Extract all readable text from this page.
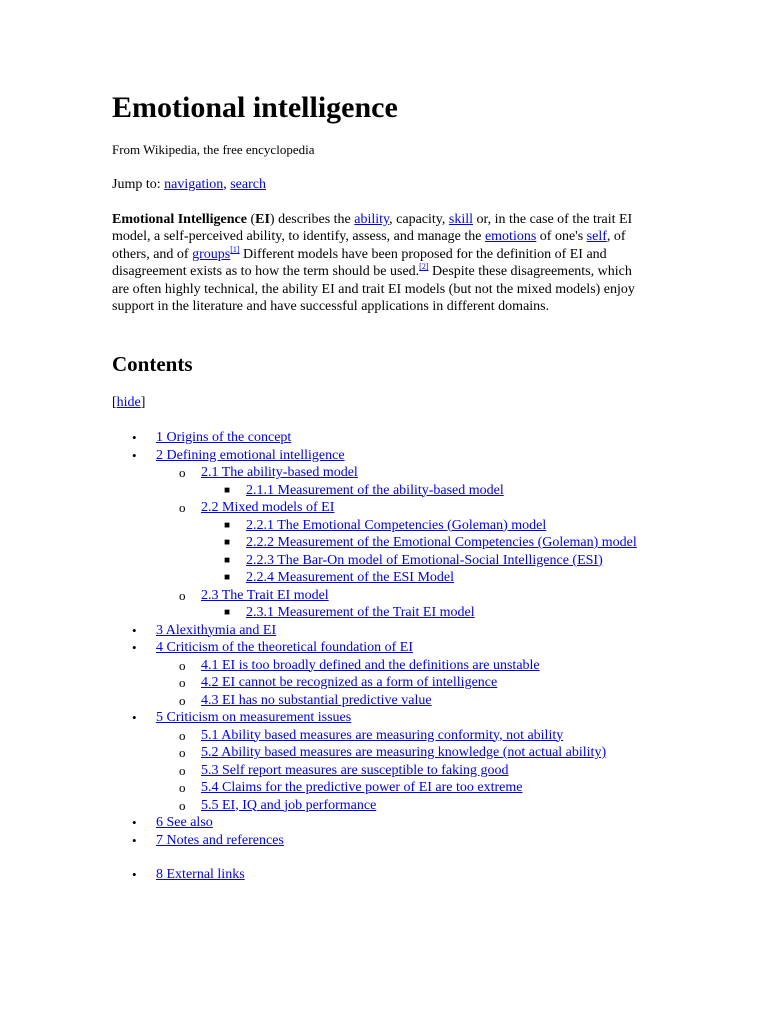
Emotional intelligence

From Wikipedia, the free encyclopedia

Jump to: navigation, search

Emotional Intelligence (EI) describes the ability, capacity, skill or, in the case of the trait EI model, a self-perceived ability, to identify, assess, and manage the emotions of one's self, of others, and of groups[1] Different models have been proposed for the definition of EI and disagreement exists as to how the term should be used.[2] Despite these disagreements, which are often highly technical, the ability EI and trait EI models (but not the mixed models) enjoy support in the literature and have successful applications in different domains.

Contents

[hide]

• 1 Origins of the concept
• 2 Defining emotional intelligence
o 2.1 The ability-based model
■ 2.1.1 Measurement of the ability-based model
o 2.2 Mixed models of EI
■ 2.2.1 The Emotional Competencies (Goleman) model
■ 2.2.2 Measurement of the Emotional Competencies (Goleman) model
■ 2.2.3 The Bar-On model of Emotional-Social Intelligence (ESI)
■ 2.2.4 Measurement of the ESI Model
o 2.3 The Trait EI model
■ 2.3.1 Measurement of the Trait EI model
• 3 Alexithymia and EI
• 4 Criticism of the theoretical foundation of EI
o 4.1 EI is too broadly defined and the definitions are unstable
o 4.2 EI cannot be recognized as a form of intelligence
o 4.3 EI has no substantial predictive value
• 5 Criticism on measurement issues
o 5.1 Ability based measures are measuring conformity, not ability
o 5.2 Ability based measures are measuring knowledge (not actual ability)
o 5.3 Self report measures are susceptible to faking good
o 5.4 Claims for the predictive power of EI are too extreme
o 5.5 EI, IQ and job performance
• 6 See also
• 7 Notes and references
• 8 External links
